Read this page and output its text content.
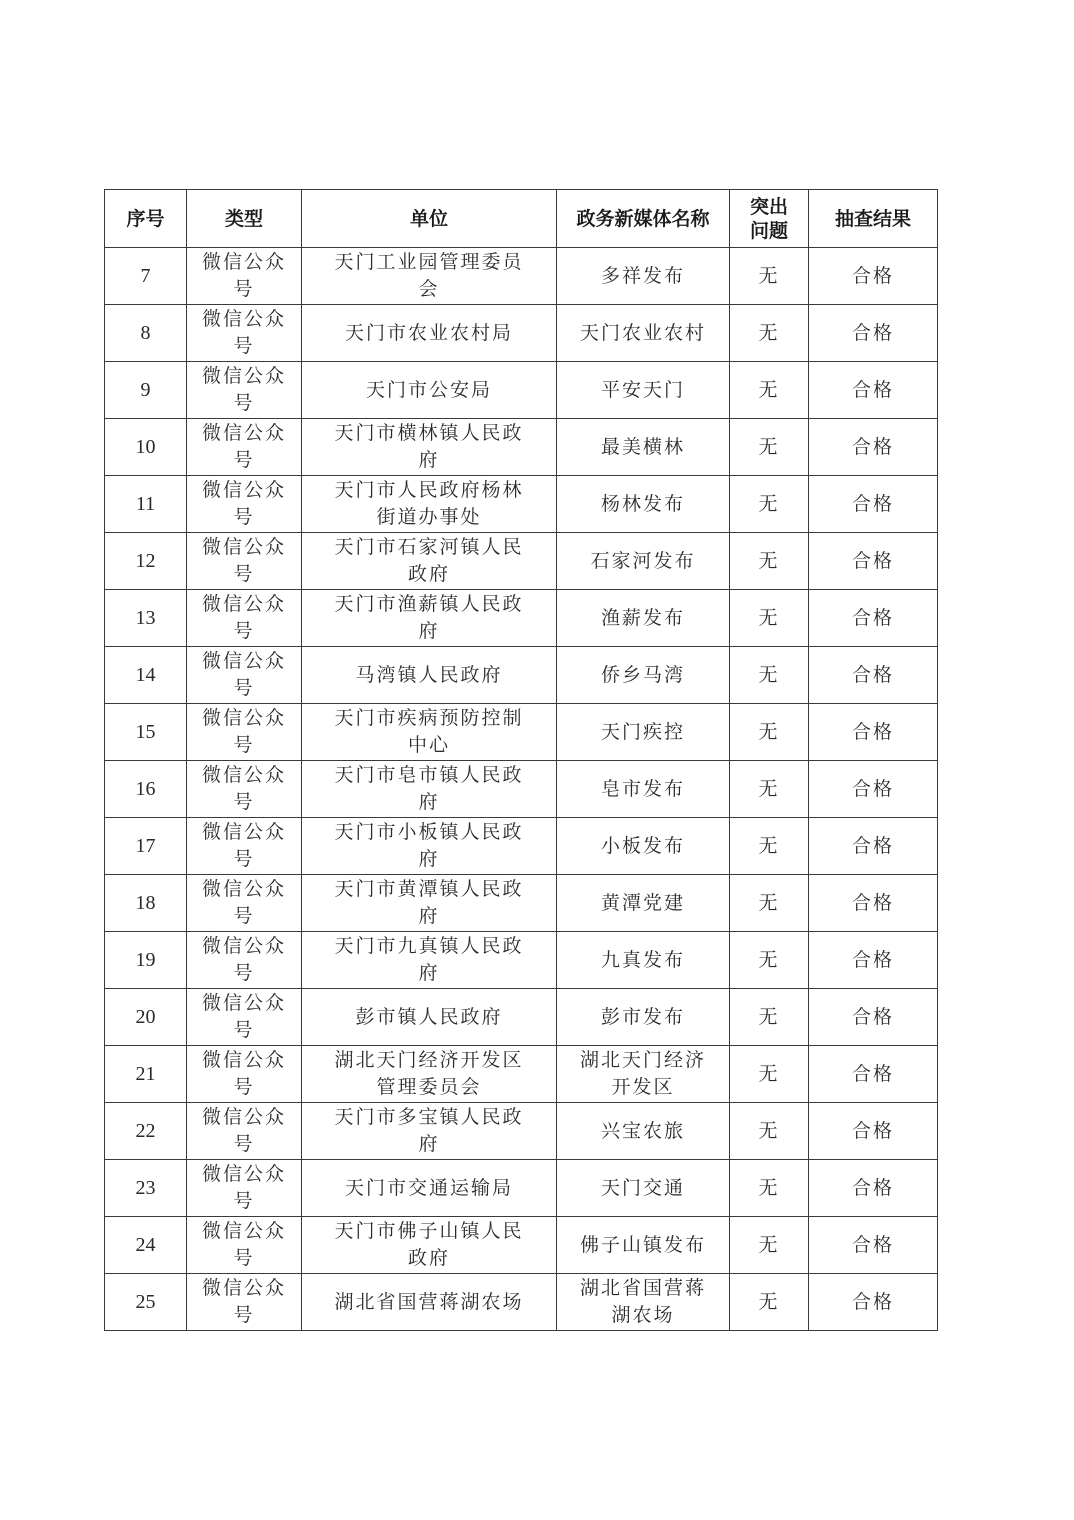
序号	类型	单位	政务新媒体名称	突出问题	抽查结果

7	微信公众号	天门工业园管理委员会	多祥发布	无	合格

8	微信公众号	天门市农业农村局	天门农业农村	无	合格

9	微信公众号	天门市公安局	平安天门	无	合格

10	微信公众号	天门市横林镇人民政府	最美横林	无	合格

11	微信公众号	天门市人民政府杨林街道办事处	杨林发布	无	合格

12	微信公众号	天门市石家河镇人民政府	石家河发布	无	合格

13	微信公众号	天门市渔薪镇人民政府	渔薪发布	无	合格

14	微信公众号	马湾镇人民政府	侨乡马湾	无	合格

15	微信公众号	天门市疾病预防控制中心	天门疾控	无	合格

16	微信公众号	天门市皂市镇人民政府	皂市发布	无	合格

17	微信公众号	天门市小板镇人民政府	小板发布	无	合格

18	微信公众号	天门市黄潭镇人民政府	黄潭党建	无	合格

19	微信公众号	天门市九真镇人民政府	九真发布	无	合格

20	微信公众号	彭市镇人民政府	彭市发布	无	合格

21	微信公众号	湖北天门经济开发区管理委员会	湖北天门经济开发区	无	合格

22	微信公众号	天门市多宝镇人民政府	兴宝农旅	无	合格

23	微信公众号	天门市交通运输局	天门交通	无	合格

24	微信公众号	天门市佛子山镇人民政府	佛子山镇发布	无	合格

25	微信公众号	湖北省国营蒋湖农场	湖北省国营蒋湖农场	无	合格
